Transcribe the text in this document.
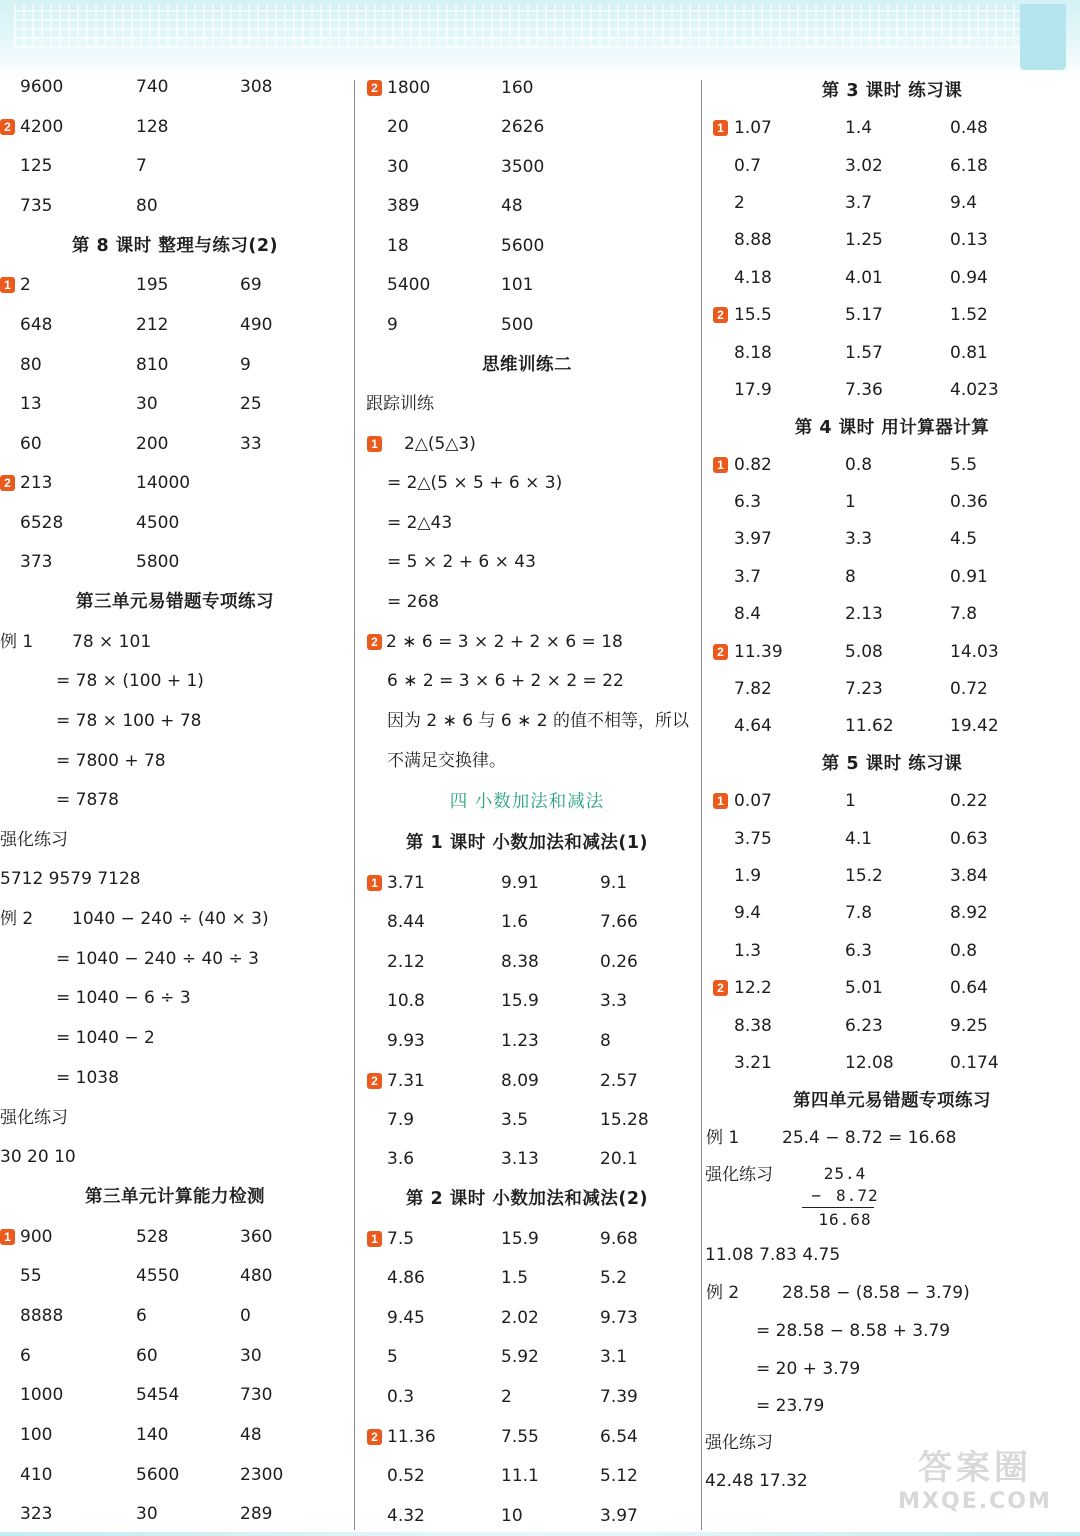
9600	740	308
2 4200	128
125	7
735	80
第 8 课时 整理与练习(2)
1 2	195	69
648	212	490
80	810	9
13	30	25
60	200	33
2 213	14000
6528	4500
373	5800
第三单元易错题专项练习
例 1 78 × 101
= 78 × (100 + 1)
= 78 × 100 + 78
= 7800 + 78
= 7878
强化练习
5712 9579 7128
例 2 1040 − 240 ÷ (40 × 3)
= 1040 − 240 ÷ 40 ÷ 3
= 1040 − 6 ÷ 3
= 1040 − 2
= 1038
强化练习
30 20 10
第三单元计算能力检测
1 900	528	360
55	4550	480
8888	6	0
6	60	30
1000	5454	730
100	140	48
410	5600	2300
323	30	289
2 1800	160
20	2626
30	3500
389	48
18	5600
5400	101
9	500
思维训练二
跟踪训练
1 2△(5△3)
= 2△(5 × 5 + 6 × 3)
= 2△43
= 5 × 2 + 6 × 43
= 268
2 2 ∗ 6 = 3 × 2 + 2 × 6 = 18
6 ∗ 2 = 3 × 6 + 2 × 2 = 22
因为 2 ∗ 6 与 6 ∗ 2 的值不相等，所以
不满足交换律。
四 小数加法和减法
第 1 课时 小数加法和减法(1)
1 3.71	9.91	9.1
8.44	1.6	7.66
2.12	8.38	0.26
10.8	15.9	3.3
9.93	1.23	8
2 7.31	8.09	2.57
7.9	3.5	15.28
3.6	3.13	20.1
第 2 课时 小数加法和减法(2)
1 7.5	15.9	9.68
4.86	1.5	5.2
9.45	2.02	9.73
5	5.92	3.1
0.3	2	7.39
2 11.36	7.55	6.54
0.52	11.1	5.12
4.32	10	3.97
第 3 课时 练习课
1 1.07	1.4	0.48
0.7	3.02	6.18
2	3.7	9.4
8.88	1.25	0.13
4.18	4.01	0.94
2 15.5	5.17	1.52
8.18	1.57	0.81
17.9	7.36	4.023
第 4 课时 用计算器计算
1 0.82	0.8	5.5
6.3	1	0.36
3.97	3.3	4.5
3.7	8	0.91
8.4	2.13	7.8
2 11.39	5.08	14.03
7.82	7.23	0.72
4.64	11.62	19.42
第 5 课时 练习课
1 0.07	1	0.22
3.75	4.1	0.63
1.9	15.2	3.84
9.4	7.8	8.92
1.3	6.3	0.8
2 12.2	5.01	0.64
8.38	6.23	9.25
3.21	12.08	0.174
第四单元易错题专项练习
例 1	25.4 − 8.72 = 16.68
25.4
− 8.72
16.68
强化练习
11.08 7.83 4.75
例 2	28.58 − (8.58 − 3.79)
= 28.58 − 8.58 + 3.79
= 20 + 3.79
= 23.79
强化练习
42.48 17.32	答案圈
MXQE.COM
